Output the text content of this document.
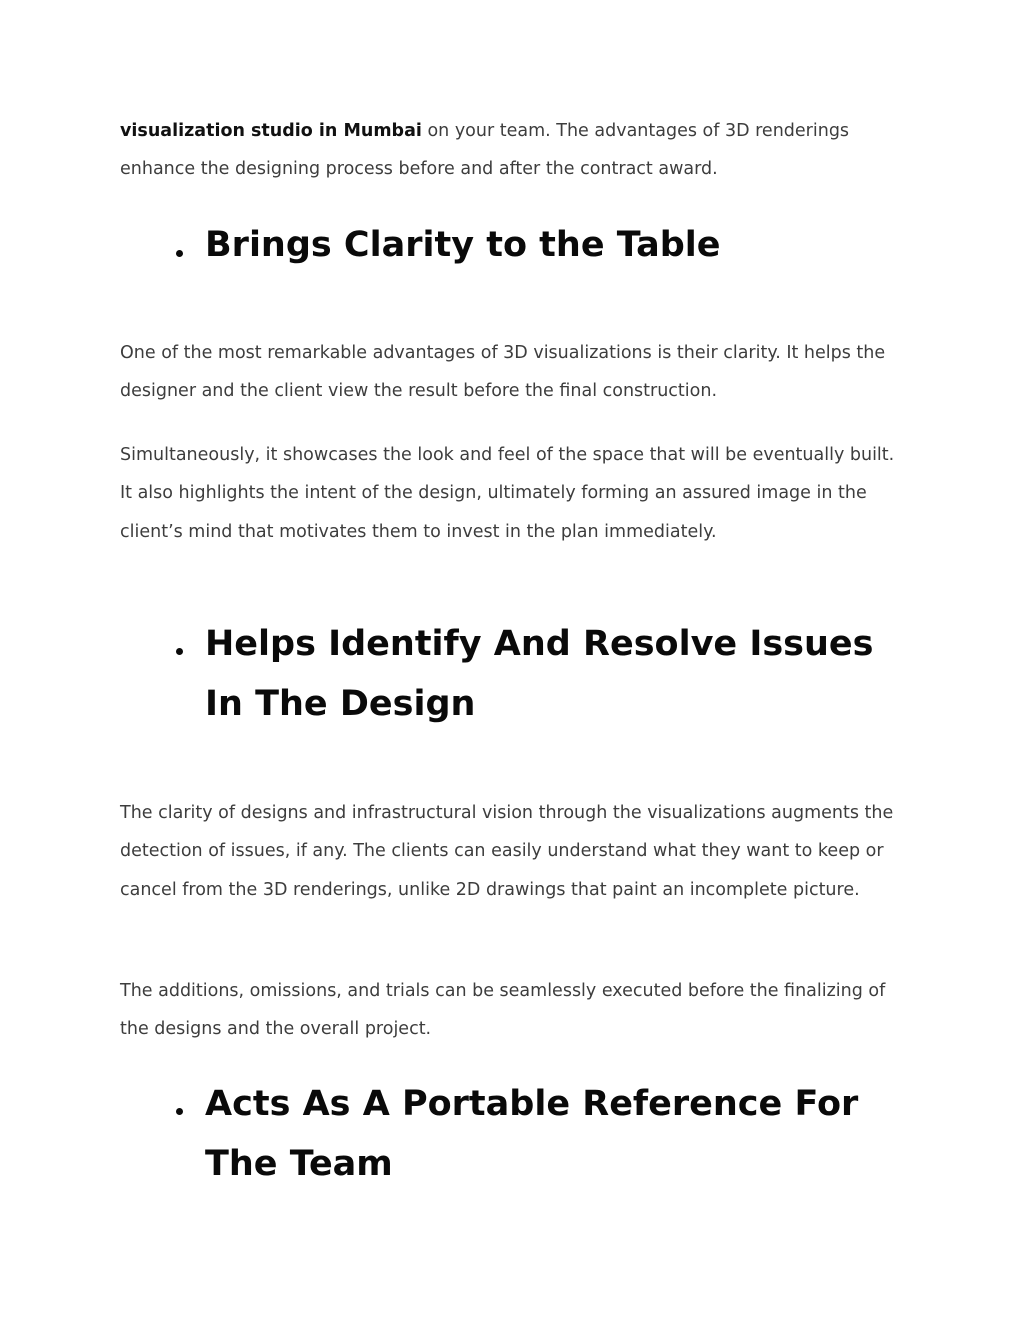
visualization studio in Mumbai on your team. The advantages of 3D renderings enhance the designing process before and after the contract award.

Brings Clarity to the Table

One of the most remarkable advantages of 3D visualizations is their clarity. It helps the designer and the client view the result before the final construction.

Simultaneously, it showcases the look and feel of the space that will be eventually built. It also highlights the intent of the design, ultimately forming an assured image in the client’s mind that motivates them to invest in the plan immediately.

Helps Identify And Resolve Issues In The Design

The clarity of designs and infrastructural vision through the visualizations augments the detection of issues, if any. The clients can easily understand what they want to keep or cancel from the 3D renderings, unlike 2D drawings that paint an incomplete picture.

The additions, omissions, and trials can be seamlessly executed before the finalizing of the designs and the overall project.

Acts As A Portable Reference For The Team
